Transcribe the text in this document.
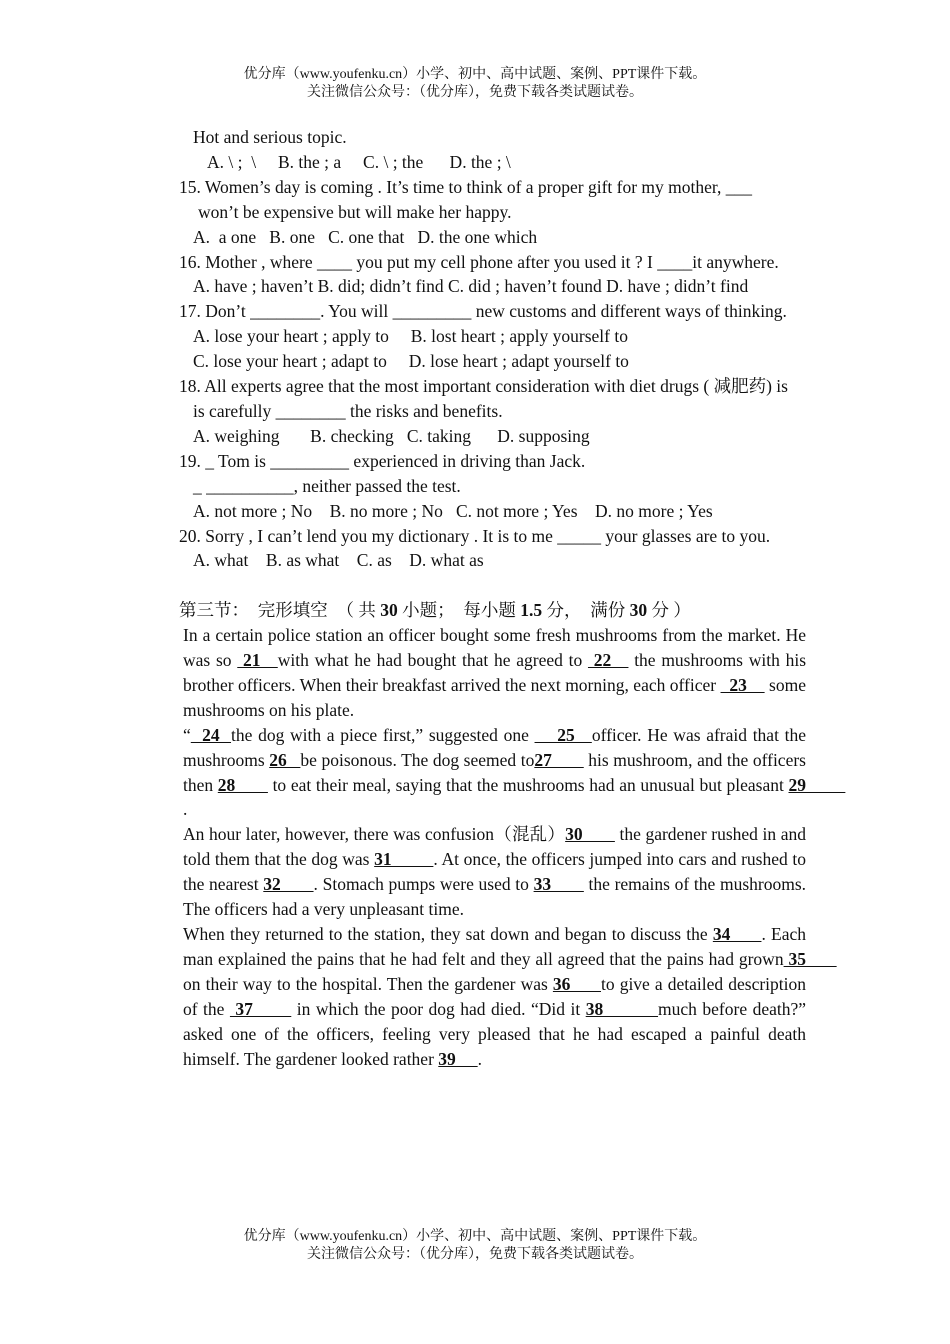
优分库（www.youfenku.cn）小学、初中、高中试题、案例、PPT课件下载。
关注微信公众号：（优分库），免费下载各类试题试卷。

Hot and serious topic.

A. \ ;  \     B. the ; a     C. \ ; the      D. the ; \

15. Women’s day is coming . It’s time to think of a proper gift for my mother, ___

won’t be expensive but will make her happy.

A.  a one   B. one   C. one that   D. the one which

16. Mother , where ____ you put my cell phone after you used it ? I ____it anywhere.

A. have ; haven’t B. did; didn’t find C. did ; haven’t found D. have ; didn’t find

17. Don’t ________. You will _________ new customs and different ways of thinking.

A. lose your heart ; apply to     B. lost heart ; apply yourself to

C. lose your heart ; adapt to     D. lose heart ; adapt yourself to

18. All experts agree that the most important consideration with diet drugs ( 减肥药) is

is carefully ________ the risks and benefits.

A. weighing       B. checking   C. taking      D. supposing

19. _ Tom is _________ experienced in driving than Jack.

_ __________, neither passed the test.

A. not more ; No    B. no more ; No   C. not more ; Yes    D. no more ; Yes

20. Sorry , I can’t lend you my dictionary . It is to me _____ your glasses are to you.

A. what    B. as what    C. as    D. what as

第三节：  完形填空  （ 共 30 小题；  每小题 1.5 分，  满份 30 分 ）

In a certain police station an officer bought some fresh mushrooms from the market. He was so  21   with what he had bought that he agreed to  22    the mushrooms with his brother officers. When their breakfast arrived the next morning, each officer   23     some mushrooms on his plate.

“  24  the dog with a piece first,” suggested one     25   officer. He was afraid that the mushrooms 26   be poisonous. The dog seemed to27        his mushroom, and the officers then 28        to eat their meal, saying that the mushrooms had an unusual but pleasant 29         .

An hour later, however, there was confusion（混乱）30        the gardener rushed in and told them that the dog was 31         . At once, the officers jumped into cars and rushed to the nearest 32       . Stomach pumps were used to 33        the remains of the mushrooms. The officers had a very unpleasant time.

When they returned to the station, they sat down and began to discuss the 34      . Each man explained the pains that he had felt and they all agreed that the pains had grown 35        on their way to the hospital. Then the gardener was 36      to give a detailed description of the  37        in which the poor dog had died. “Did it 38          much before death?” asked one of the officers, feeling very pleased that he had escaped a painful death himself. The gardener looked rather 39     .

优分库（www.youfenku.cn）小学、初中、高中试题、案例、PPT课件下载。
关注微信公众号：（优分库），免费下载各类试题试卷。
